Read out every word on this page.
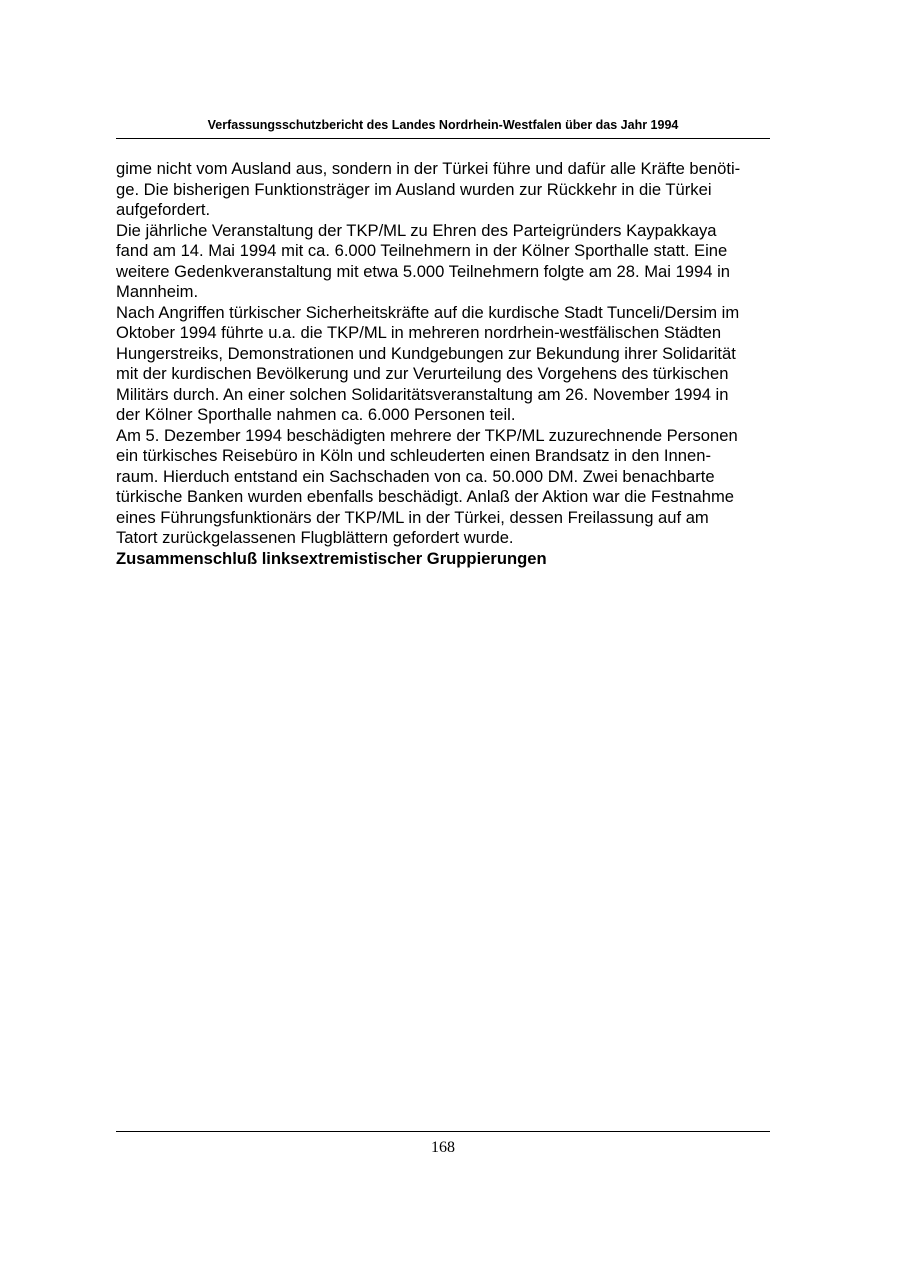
Verfassungsschutzbericht des Landes Nordrhein-Westfalen über das Jahr 1994
gime nicht vom Ausland aus, sondern in der Türkei führe und dafür alle Kräfte benöti-
ge. Die bisherigen Funktionsträger im Ausland wurden zur Rückkehr in die Türkei
aufgefordert.
Die jährliche Veranstaltung der TKP/ML zu Ehren des Parteigründers Kaypakkaya
fand am 14. Mai 1994 mit ca. 6.000 Teilnehmern in der Kölner Sporthalle statt. Eine
weitere Gedenkveranstaltung mit etwa 5.000 Teilnehmern folgte am 28. Mai 1994 in
Mannheim.
Nach Angriffen türkischer Sicherheitskräfte auf die kurdische Stadt Tunceli/Dersim im
Oktober 1994 führte u.a. die TKP/ML in mehreren nordrhein-westfälischen Städten
Hungerstreiks, Demonstrationen und Kundgebungen zur Bekundung ihrer Solidarität
mit der kurdischen Bevölkerung und zur Verurteilung des Vorgehens des türkischen
Militärs durch. An einer solchen Solidaritätsveranstaltung am 26. November 1994 in
der Kölner Sporthalle nahmen ca. 6.000 Personen teil.
Am 5. Dezember 1994 beschädigten mehrere der TKP/ML zuzurechnende Personen
ein türkisches Reisebüro in Köln und schleuderten einen Brandsatz in den Innen-
raum. Hierduch entstand ein Sachschaden von ca. 50.000 DM. Zwei benachbarte
türkische Banken wurden ebenfalls beschädigt. Anlaß der Aktion war die Festnahme
eines Führungsfunktionärs der TKP/ML in der Türkei, dessen Freilassung auf am
Tatort zurückgelassenen Flugblättern gefordert wurde.
Zusammenschluß linksextremistischer Gruppierungen
168
